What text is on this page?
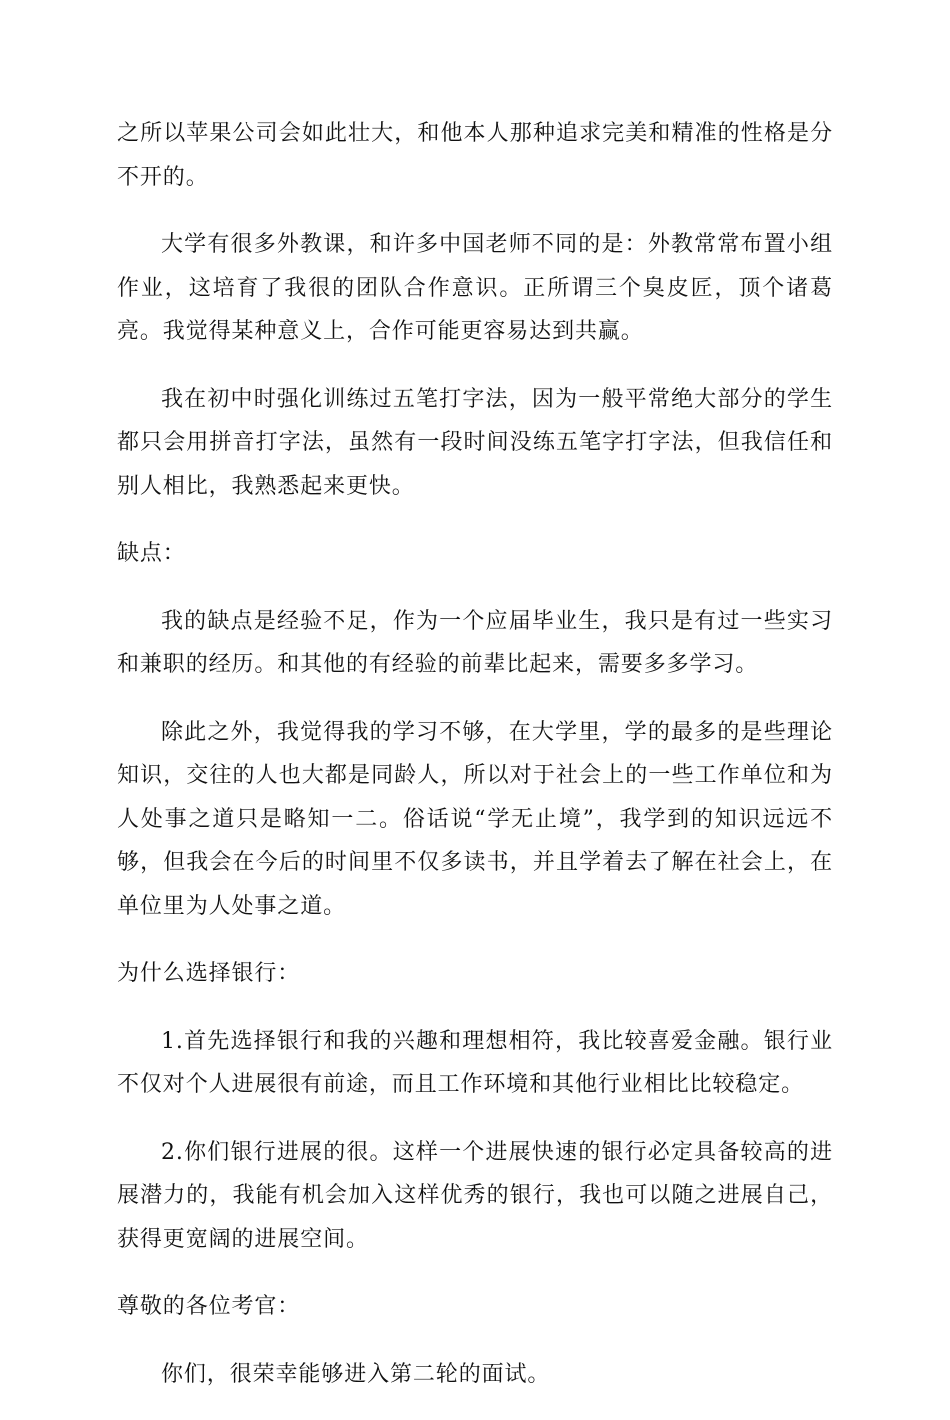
之所以苹果公司会如此壮大，和他本人那种追求完美和精准的性格是分不开的。

大学有很多外教课，和许多中国老师不同的是：外教常常布置小组作业，这培育了我很的团队合作意识。正所谓三个臭皮匠，顶个诸葛亮。我觉得某种意义上，合作可能更容易达到共赢。

我在初中时强化训练过五笔打字法，因为一般平常绝大部分的学生都只会用拼音打字法，虽然有一段时间没练五笔字打字法，但我信任和别人相比，我熟悉起来更快。

缺点：

我的缺点是经验不足，作为一个应届毕业生，我只是有过一些实习和兼职的经历。和其他的有经验的前辈比起来，需要多多学习。

除此之外，我觉得我的学习不够，在大学里，学的最多的是些理论知识，交往的人也大都是同龄人，所以对于社会上的一些工作单位和为人处事之道只是略知一二。俗话说“学无止境”，我学到的知识远远不够，但我会在今后的时间里不仅多读书，并且学着去了解在社会上，在单位里为人处事之道。

为什么选择银行：

1.首先选择银行和我的兴趣和理想相符，我比较喜爱金融。银行业不仅对个人进展很有前途，而且工作环境和其他行业相比比较稳定。

2.你们银行进展的很。这样一个进展快速的银行必定具备较高的进展潜力的，我能有机会加入这样优秀的银行，我也可以随之进展自己，获得更宽阔的进展空间。

尊敬的各位考官：

你们，很荣幸能够进入第二轮的面试。
